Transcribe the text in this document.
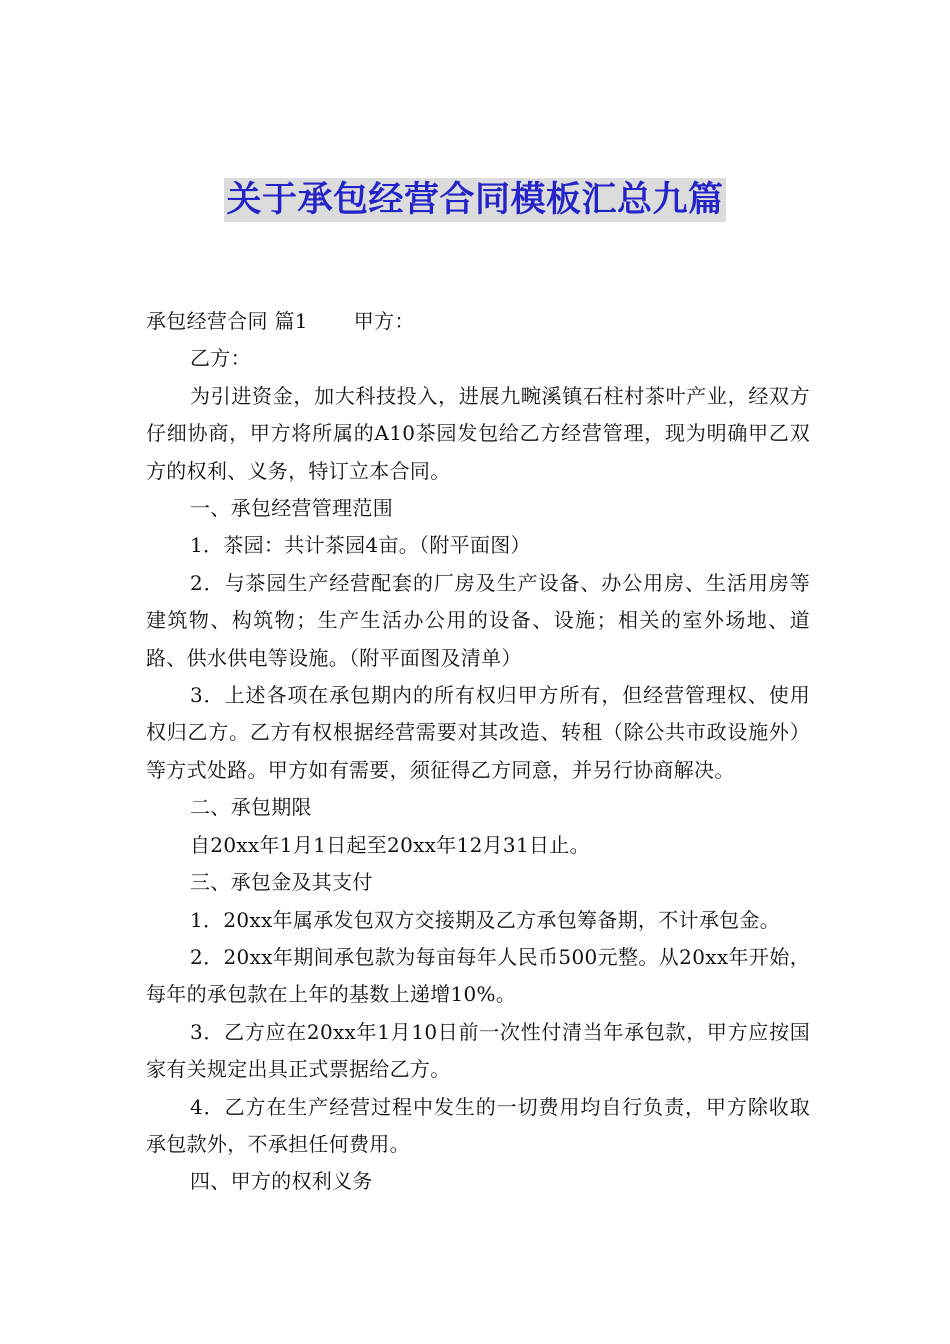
关于承包经营合同模板汇总九篇

承包经营合同 篇1 甲方：

乙方：

为引进资金，加大科技投入，进展九畹溪镇石柱村茶叶产业，经双方仔细协商，甲方将所属的A10茶园发包给乙方经营管理，现为明确甲乙双方的权利、义务，特订立本合同。

一、承包经营管理范围

1．茶园：共计茶园4亩。（附平面图）

2．与茶园生产经营配套的厂房及生产设备、办公用房、生活用房等建筑物、构筑物；生产生活办公用的设备、设施；相关的室外场地、道路、供水供电等设施。（附平面图及清单）

3．上述各项在承包期内的所有权归甲方所有，但经营管理权、使用权归乙方。乙方有权根据经营需要对其改造、转租（除公共市政设施外）等方式处路。甲方如有需要，须征得乙方同意，并另行协商解决。

二、承包期限

自20xx年1月1日起至20xx年12月31日止。

三、承包金及其支付

1．20xx年属承发包双方交接期及乙方承包筹备期，不计承包金。

2．20xx年期间承包款为每亩每年人民币500元整。从20xx年开始，每年的承包款在上年的基数上递增10%。

3．乙方应在20xx年1月10日前一次性付清当年承包款，甲方应按国家有关规定出具正式票据给乙方。

4．乙方在生产经营过程中发生的一切费用均自行负责，甲方除收取承包款外，不承担任何费用。

四、甲方的权利义务
